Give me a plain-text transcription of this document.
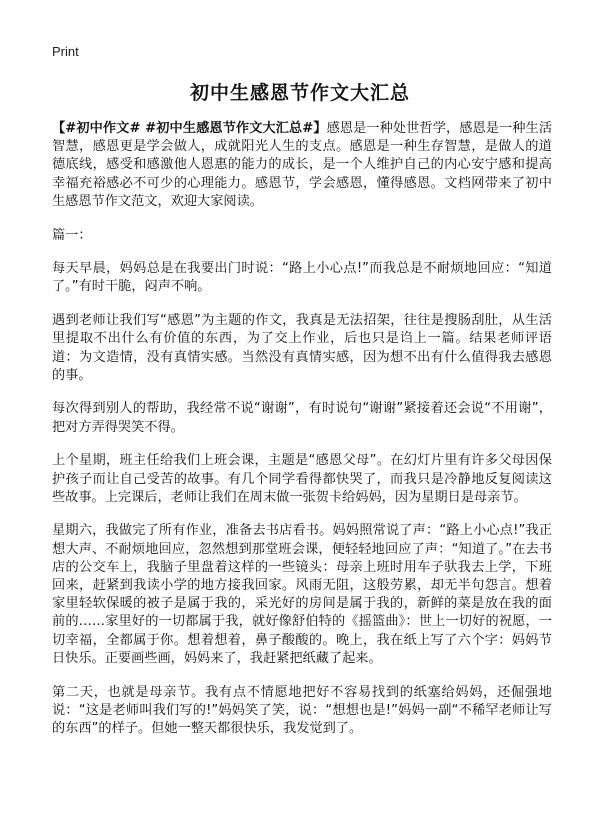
Print
初中生感恩节作文大汇总

【#初中作文# #初中生感恩节作文大汇总#】感恩是一种处世哲学，感恩是一种生活智慧，感恩更是学会做人，成就阳光人生的支点。感恩是一种生存智慧，是做人的道德底线，感受和感激他人恩惠的能力的成长，是一个人维护自己的内心安宁感和提高幸福充裕感必不可少的心理能力。感恩节，学会感恩，懂得感恩。文档网带来了初中生感恩节作文范文，欢迎大家阅读。

篇一：

每天早晨，妈妈总是在我要出门时说：“路上小心点!”而我总是不耐烦地回应：“知道了。”有时干脆，闷声不响。

遇到老师让我们写“感恩”为主题的作文，我真是无法招架，往往是搜肠刮肚，从生活里提取不出什么有价值的东西，为了交上作业，后也只是诌上一篇。结果老师评语道：为文造情，没有真情实感。当然没有真情实感，因为想不出有什么值得我去感恩的事。

每次得到别人的帮助，我经常不说“谢谢”，有时说句“谢谢”紧接着还会说“不用谢”，把对方弄得哭笑不得。

上个星期，班主任给我们上班会课，主题是“感恩父母”。在幻灯片里有许多父母因保护孩子而让自己受苦的故事。有几个同学看得都快哭了，而我只是冷静地反复阅读这些故事。上完课后，老师让我们在周末做一张贺卡给妈妈，因为星期日是母亲节。

星期六，我做完了所有作业，准备去书店看书。妈妈照常说了声：“路上小心点!”我正想大声、不耐烦地回应，忽然想到那堂班会课，便轻轻地回应了声：“知道了。”在去书店的公交车上，我脑子里盘着这样的一些镜头：母亲上班时用车子驮我去上学，下班回来，赶紧到我读小学的地方接我回家。风雨无阻，这般劳累，却无半句怨言。想着家里轻软保暖的被子是属于我的，采光好的房间是属于我的，新鲜的菜是放在我的面前的……家里好的一切都属于我，就好像舒伯特的《摇篮曲》：世上一切好的祝愿，一切幸福，全都属于你。想着想着，鼻子酸酸的。晚上，我在纸上写了六个字：妈妈节日快乐。正要画些画，妈妈来了，我赶紧把纸藏了起来。

第二天，也就是母亲节。我有点不情愿地把好不容易找到的纸塞给妈妈，还倔强地说：“这是老师叫我们写的!”妈妈笑了笑，说：“想想也是!”妈妈一副“不稀罕老师让写的东西”的样子。但她一整天都很快乐，我发觉到了。
